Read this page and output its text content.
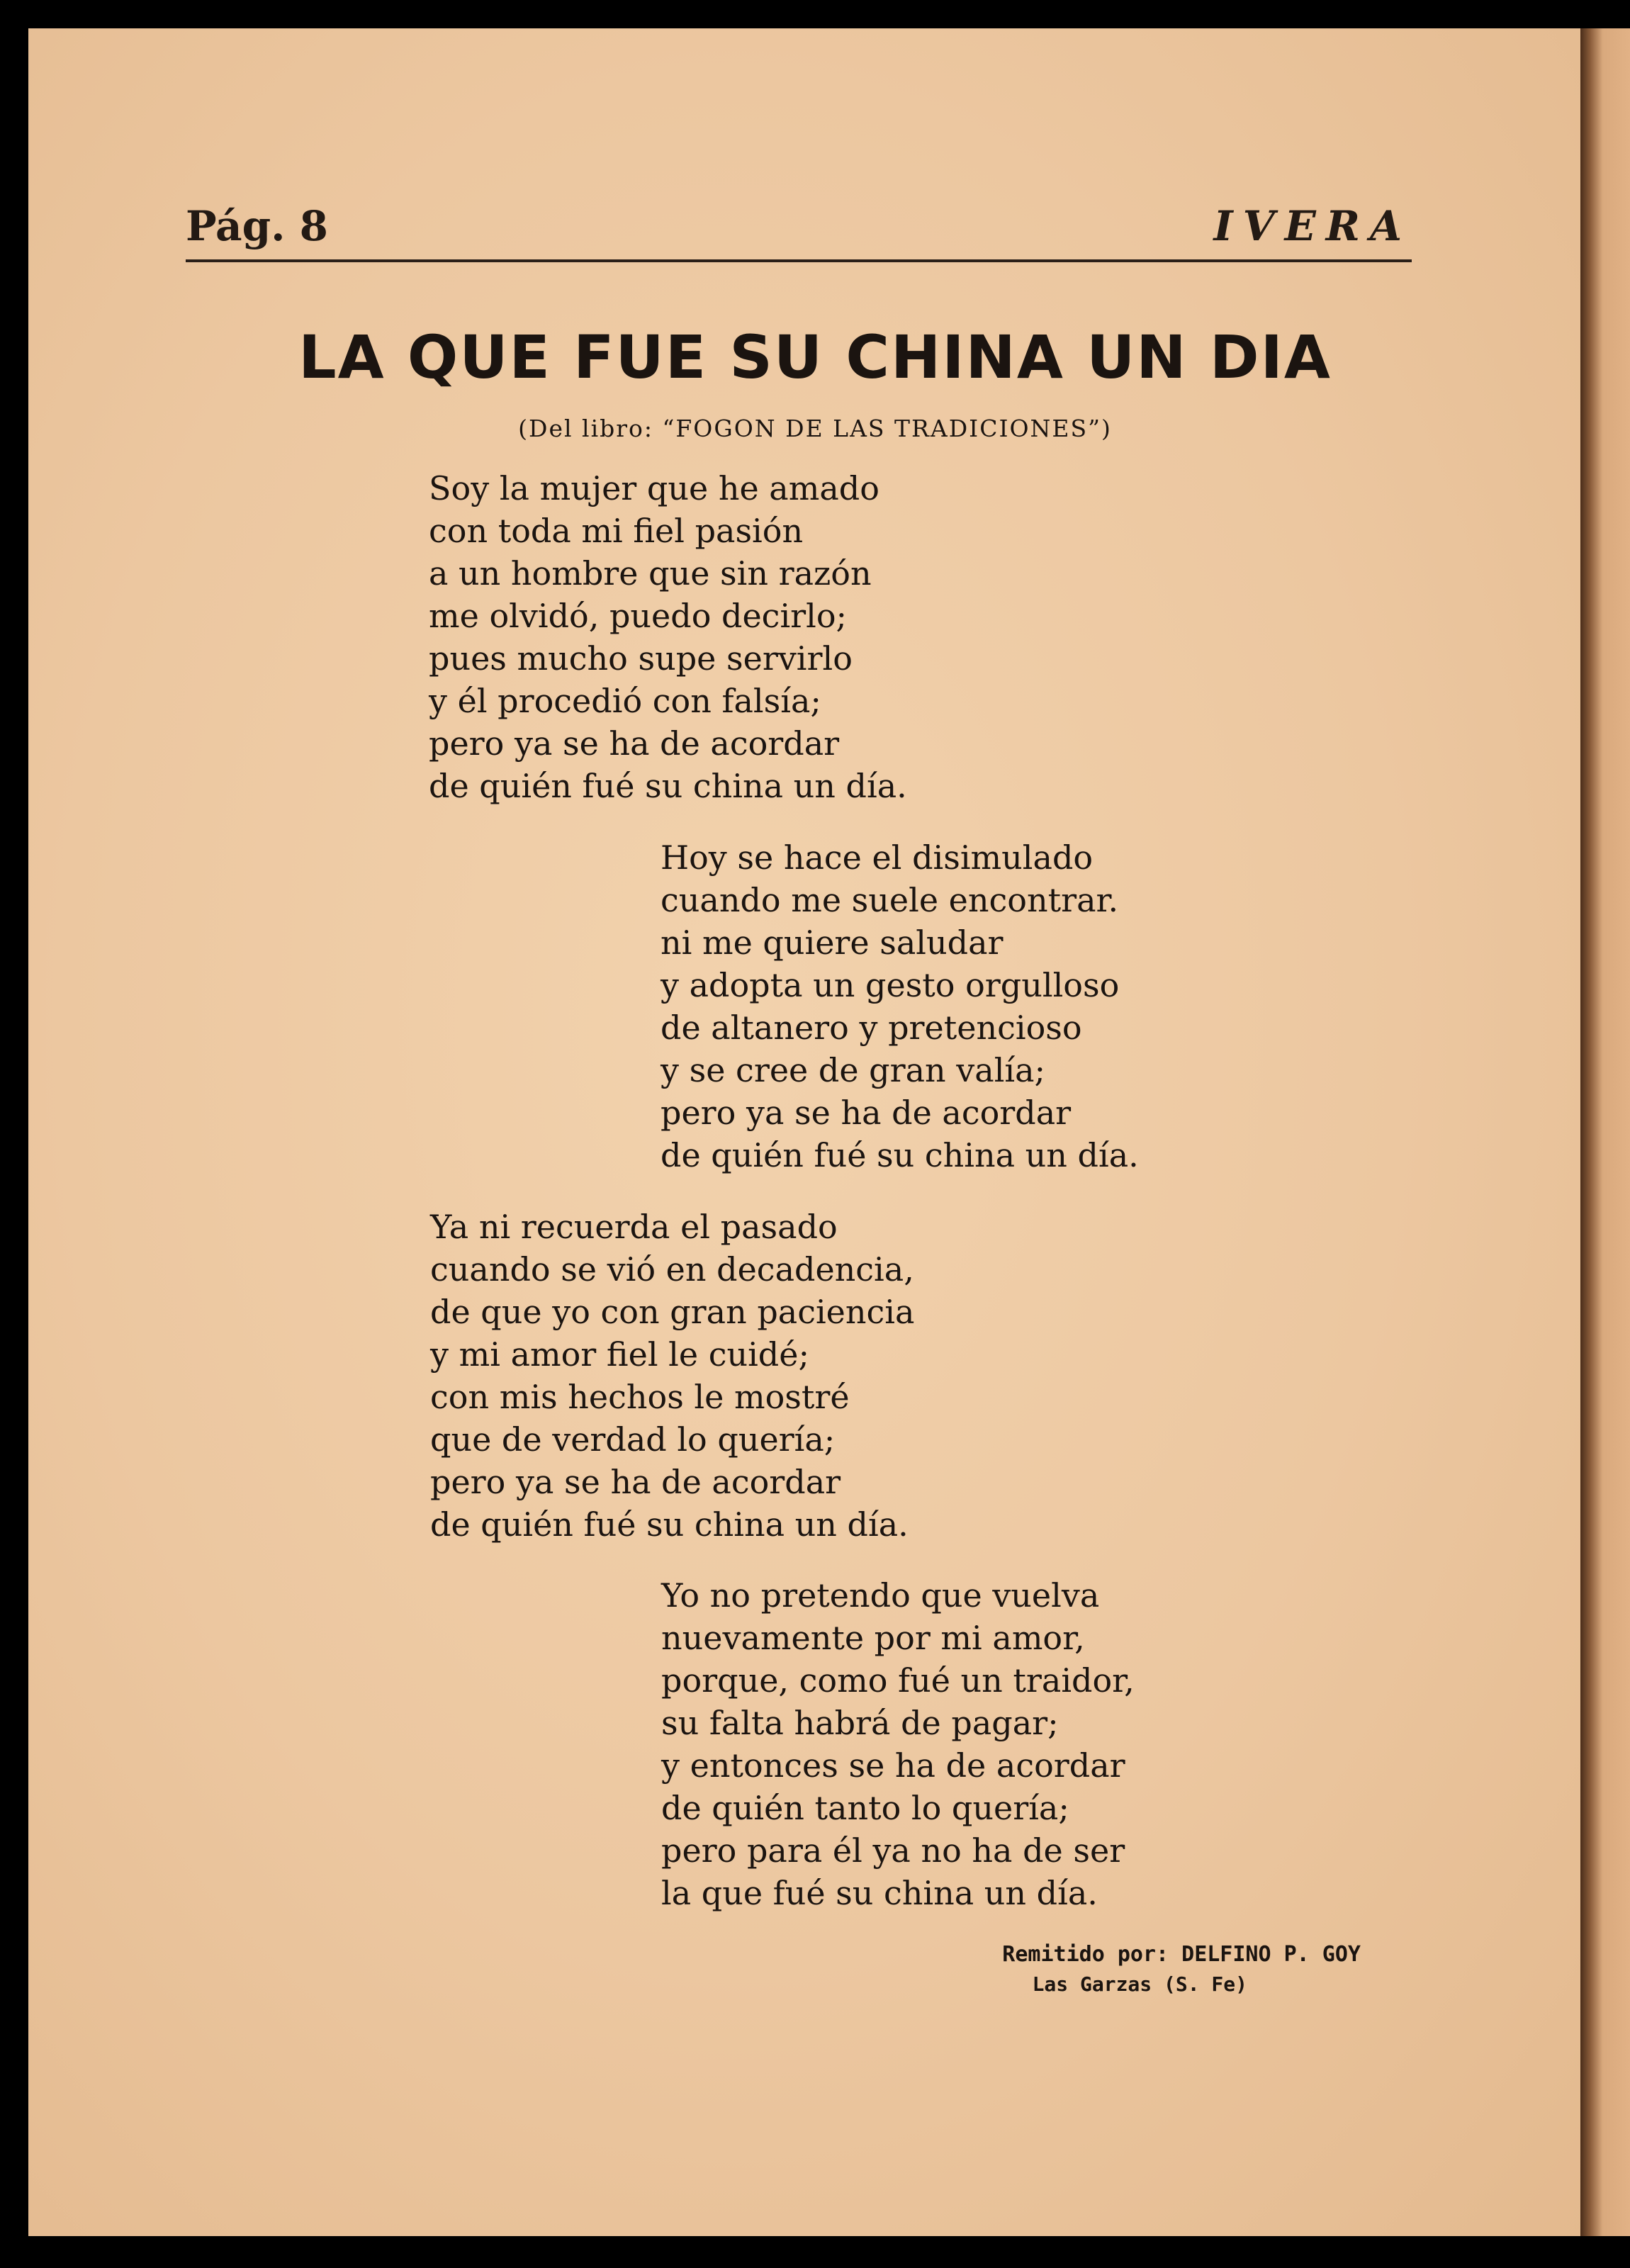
Pág. 8	IVERA
LA QUE FUE SU CHINA UN DIA
(Del libro: “FOGON DE LAS TRADICIONES”)
Soy la mujer que he amado
con toda mi fiel pasión
a un hombre que sin razón
me olvidó, puedo decirlo;
pues mucho supe servirlo
y él procedió con falsía;
pero ya se ha de acordar
de quién fué su china un día.
Hoy se hace el disimulado
cuando me suele encontrar.
ni me quiere saludar
y adopta un gesto orgulloso
de altanero y pretencioso
y se cree de gran valía;
pero ya se ha de acordar
de quién fué su china un día.
Ya ni recuerda el pasado
cuando se vió en decadencia,
de que yo con gran paciencia
y mi amor fiel le cuidé;
con mis hechos le mostré
que de verdad lo quería;
pero ya se ha de acordar
de quién fué su china un día.
Yo no pretendo que vuelva
nuevamente por mi amor,
porque, como fué un traidor,
su falta habrá de pagar;
y entonces se ha de acordar
de quién tanto lo quería;
pero para él ya no ha de ser
la que fué su china un día.
Remitido por: DELFINO P. GOY
Las Garzas (S. Fe)
